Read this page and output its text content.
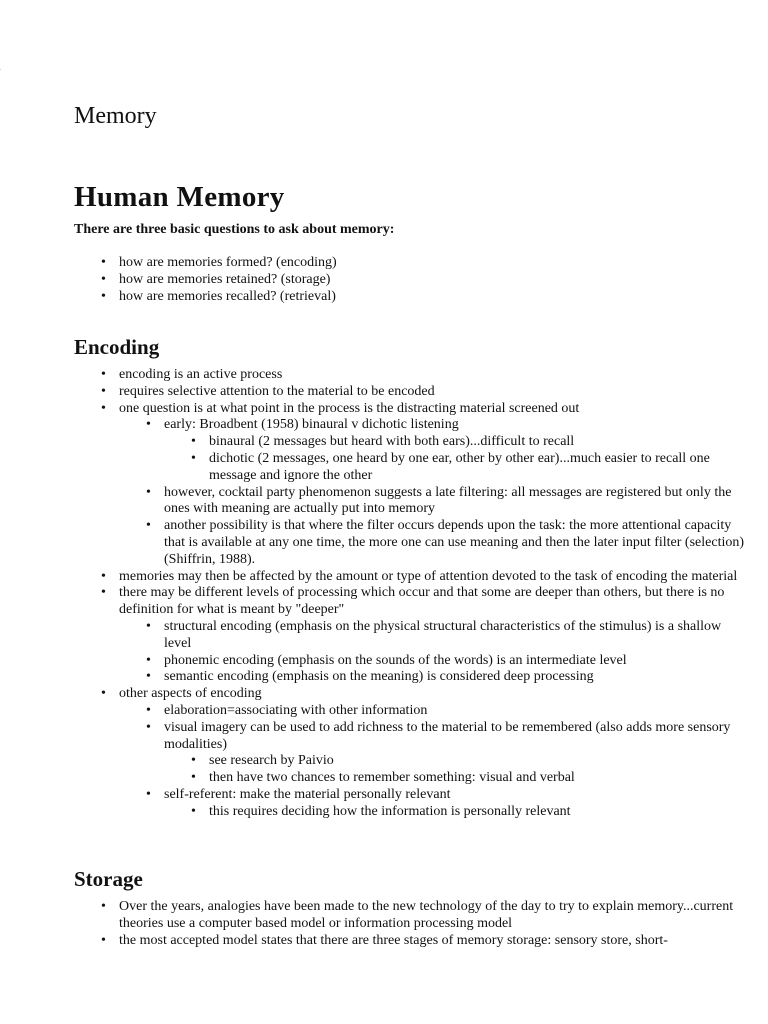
.
Memory
Human Memory

There are three basic questions to ask about memory:

• how are memories formed? (encoding)
• how are memories retained? (storage)
• how are memories recalled? (retrieval)
Encoding
• encoding is an active process
• requires selective attention to the material to be encoded
• one question is at what point in the process is the distracting material screened out
• early: Broadbent (1958) binaural v dichotic listening
• binaural (2 messages but heard with both ears)...difficult to recall
• dichotic (2 messages, one heard by one ear, other by other ear)...much easier to recall one message and ignore the other
• however, cocktail party phenomenon suggests a late filtering: all messages are registered but only the ones with meaning are actually put into memory
• another possibility is that where the filter occurs depends upon the task: the more attentional capacity that is available at any one time, the more one can use meaning and then the later input filter (selection) (Shiffrin, 1988).
• memories may then be affected by the amount or type of attention devoted to the task of encoding the material
• there may be different levels of processing which occur and that some are deeper than others, but there is no definition for what is meant by "deeper"
• structural encoding (emphasis on the physical structural characteristics of the stimulus) is a shallow level
• phonemic encoding (emphasis on the sounds of the words) is an intermediate level
• semantic encoding (emphasis on the meaning) is considered deep processing
• other aspects of encoding
• elaboration=associating with other information
• visual imagery can be used to add richness to the material to be remembered (also adds more sensory modalities)
• see research by Paivio
• then have two chances to remember something: visual and verbal
• self-referent: make the material personally relevant
• this requires deciding how the information is personally relevant
Storage
• Over the years, analogies have been made to the new technology of the day to try to explain memory...current theories use a computer based model or information processing model
• the most accepted model states that there are three stages of memory storage: sensory store, short-
